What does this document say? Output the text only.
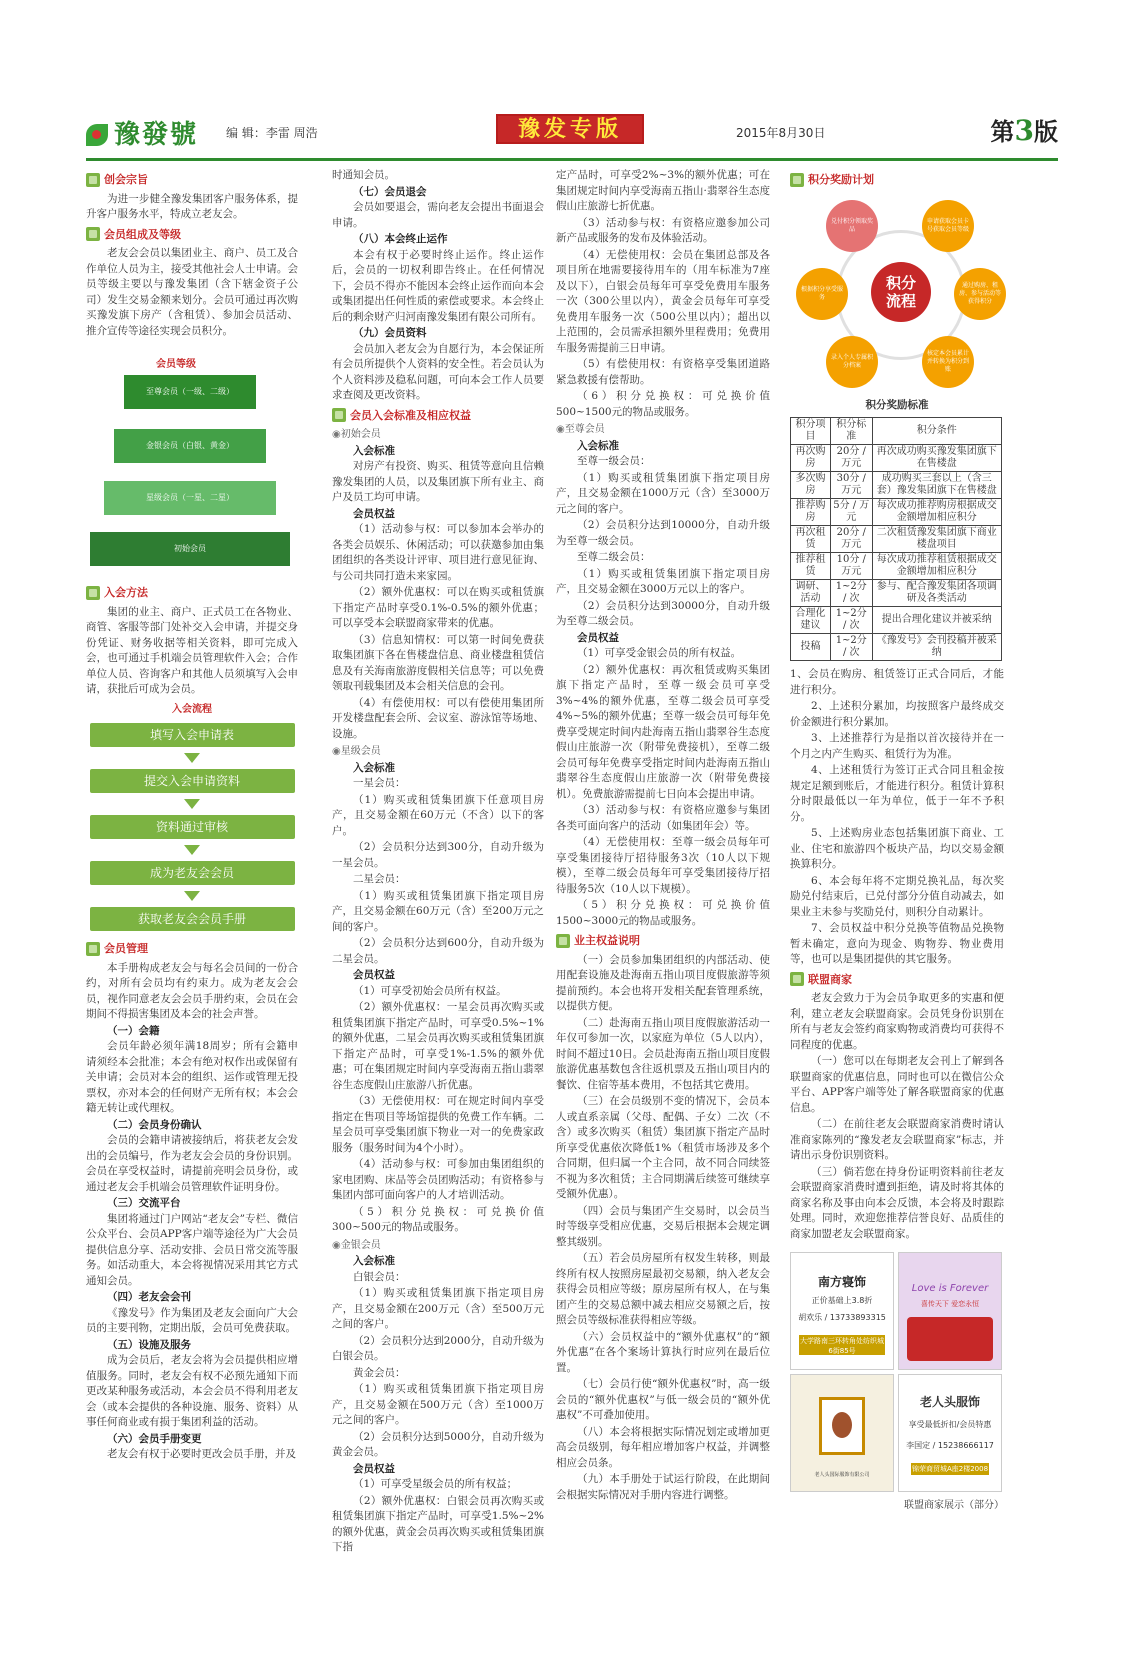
豫發號 编 辑：李雷 周浩	豫发专版	2015年8月30日	第3版
创会宗旨

为进一步健全豫发集团客户服务体系，提升客户服务水平，特成立老友会。

会员组成及等级

老友会会员以集团业主、商户、员工及合作单位人员为主，接受其他社会人士申请。会员等级主要以与豫发集团（含下辖金资子公司）发生交易金额来划分。会员可通过再次购买豫发旗下房产（含租赁）、参加会员活动、推介宣传等途径实现会员积分。

会员等级
至尊会员（一级、二级）
金银会员（白银、黄金）
星级会员（一星、二星）
初始会员
入会方法

集团的业主、商户、正式员工在各物业、商管、客服等部门处补交入会申请，并提交身份凭证、财务收据等相关资料，即可完成入会，也可通过手机端会员管理软件入会；合作单位人员、咨询客户和其他人员须填写入会申请，获批后可成为会员。

入会流程
填写入会申请表
提交入会申请资料
资料通过审核
成为老友会会员
获取老友会会员手册
会员管理

本手册构成老友会与每名会员间的一份合约，对所有会员均有约束力。成为老友会会员，视作同意老友会会员手册约束，会员在会期间不得损害集团及本会的社会声誉。

（一）会籍

会员年龄必须年满18周岁；所有会籍申请须经本会批准；本会有绝对权作出或保留有关申请；会员对本会的组织、运作或管理无投票权，亦对本会的任何财产无所有权；本会会籍无转让或代理权。

（二）会员身份确认

会员的会籍申请被接纳后，将获老友会发出的会员编号，作为老友会会员的身份识别。会员在享受权益时，请提前亮明会员身份，或通过老友会手机端会员管理软件证明身份。

（三）交流平台

集团将通过门户网站“老友会”专栏、微信公众平台、会员APP客户端等途径为广大会员提供信息分享、活动安排、会员日常交流等服务。如活动重大，本会将视情况采用其它方式通知会员。

（四）老友会会刊

《豫发号》作为集团及老友会面向广大会员的主要刊物，定期出版，会员可免费获取。

（五）设施及服务

成为会员后，老友会将为会员提供相应增值服务。同时，老友会有权不必预先通知下而更改某种服务或活动，本会会员不得利用老友会（或本会提供的各种设施、服务、资料）从事任何商业或有损于集团利益的活动。

（六）会员手册变更

老友会有权于必要时更改会员手册，并及

时通知会员。

（七）会员退会

会员如要退会，需向老友会提出书面退会申请。

（八）本会终止运作

本会有权于必要时终止运作。终止运作后，会员的一切权利即告终止。在任何情况下，会员不得亦不能因本会终止运作而向本会或集团提出任何性质的索偿或要求。本会终止后的剩余财产归河南豫发集团有限公司所有。

（九）会员资料

会员加入老友会为自愿行为，本会保证所有会员所提供个人资料的安全性。若会员认为个人资料涉及稳私问题，可向本会工作人员要求查阅及更改资料。

会员入会标准及相应权益
◉ 初始会员
入会标准

对房产有投资、购买、租赁等意向且信赖豫发集团的人员，以及集团旗下所有业主、商户及员工均可申请。

会员权益

（1）活动参与权：可以参加本会举办的各类会员娱乐、休闲活动；可以获邀参加由集团组织的各类设计评审、项目进行意见征询、与公司共同打造未来家园。

（2）额外优惠权：可以在购买或租赁旗下指定产品时享受0.1%-0.5%的额外优惠；可以享受本会联盟商家带来的优惠。

（3）信息知情权：可以第一时间免费获取集团旗下各在售楼盘信息、商业楼盘租赁信息及有关海南旅游度假相关信息等；可以免费领取刊载集团及本会相关信息的会刊。

（4）有偿使用权：可以有偿使用集团所开发楼盘配套会所、会议室、游泳馆等场地、设施。

◉ 星级会员
入会标准

一星会员：

（1）购买或租赁集团旗下任意项目房产，且交易金额在60万元（不含）以下的客户。

（2）会员积分达到300分，自动升级为一星会员。

二星会员：

（1）购买或租赁集团旗下指定项目房产，且交易金额在60万元（含）至200万元之间的客户。

（2）会员积分达到600分，自动升级为二星会员。

会员权益

（1）可享受初始会员所有权益。

（2）额外优惠权：一星会员再次购买或租赁集团旗下指定产品时，可享受0.5%~1%的额外优惠，二星会员再次购买或租赁集团旗下指定产品时，可享受1%-1.5%的额外优惠；可在集团规定时间内享受海南五指山翡翠谷生态度假山庄旅游八折优惠。

（3）无偿使用权：可在规定时间内享受指定在售项目等场馆提供的免费工作车辆。二星会员可享受集团旗下物业一对一的免费家政服务（服务时间为4个小时）。

（4）活动参与权：可参加由集团组织的家电团购、床品等会员团购活动；有资格参与集团内部可面向客户的人才培训活动。

（5）积分兑换权：可兑换价值300~500元的物品或服务。

◉ 金银会员
入会标准

白银会员：

（1）购买或租赁集团旗下指定项目房产，且交易金额在200万元（含）至500万元之间的客户。

（2）会员积分达到2000分，自动升级为白银会员。

黄金会员：

（1）购买或租赁集团旗下指定项目房产，且交易金额在500万元（含）至1000万元之间的客户。

（2）会员积分达到5000分，自动升级为黄金会员。

会员权益

（1）可享受星级会员的所有权益；

（2）额外优惠权：白银会员再次购买或租赁集团旗下指定产品时，可享受1.5%~2%的额外优惠，黄金会员再次购买或租赁集团旗下指

定产品时，可享受2%~3%的额外优惠；可在集团规定时间内享受海南五指山·翡翠谷生态度假山庄旅游七折优惠。

（3）活动参与权：有资格应邀参加公司新产品或服务的发布及体验活动。

（4）无偿使用权：会员在集团总部及各项目所在地需要接待用车的（用车标准为7座及以下），白银会员每年可享受免费用车服务一次（300公里以内），黄金会员每年可享受免费用车服务一次（500公里以内）；超出以上范围的，会员需承担额外里程费用；免费用车服务需提前三日申请。

（5）有偿使用权：有资格享受集团道路紧急救援有偿帮助。

（6）积分兑换权：可兑换价值500~1500元的物品或服务。

◉ 至尊会员
入会标准

至尊一级会员：

（1）购买或租赁集团旗下指定项目房产，且交易金额在1000万元（含）至3000万元之间的客户。

（2）会员积分达到10000分，自动升级为至尊一级会员。

至尊二级会员：

（1）购买或租赁集团旗下指定项目房产，且交易金额在3000万元以上的客户。

（2）会员积分达到30000分，自动升级为至尊二级会员。

会员权益

（1）可享受金银会员的所有权益。

（2）额外优惠权：再次租赁或购买集团旗下指定产品时，至尊一级会员可享受3%~4%的额外优惠，至尊二级会员可享受4%~5%的额外优惠；至尊一级会员可每年免费享受规定时间内赴海南五指山翡翠谷生态度假山庄旅游一次（附带免费接机），至尊二级会员可每年免费享受指定时间内赴海南五指山翡翠谷生态度假山庄旅游一次（附带免费接机）。免费旅游需提前七日向本会提出申请。

（3）活动参与权：有资格应邀参与集团各类可面向客户的活动（如集团年会）等。

（4）无偿使用权：至尊一级会员每年可享受集团接待厅招待服务3次（10人以下规模），至尊二级会员每年可享受集团接待厅招待服务5次（10人以下规模）。

（5）积分兑换权：可兑换价值1500~3000元的物品或服务。

业主权益说明

（一）会员参加集团组织的内部活动、使用配套设施及赴海南五指山项目度假旅游等须提前预约。本会也将开发相关配套管理系统，以提供方便。

（二）赴海南五指山项目度假旅游活动一年仅可参加一次，以家庭为单位（5人以内），时间不超过10日。会员赴海南五指山项目度假旅游优惠基数包含往返机票及五指山项目内的餐饮、住宿等基本费用，不包括其它费用。

（三）在会员级别不变的情况下，会员本人或直系亲属（父母、配偶、子女）二次（不含）或多次购买（租赁）集团旗下指定产品时所享受优惠依次降低1%（租赁市场涉及多个合同期，但归属一个主合同，故不同合同续签不视为多次租赁；主合同期满后续签可继续享受额外优惠）。

（四）会员与集团产生交易时，以会员当时等级享受相应优惠，交易后根据本会规定调整其级别。

（五）若会员房屋所有权发生转移，则最终所有权人按照房屋最初交易额，纳入老友会获得会员相应等级；原房屋所有权人，在与集团产生的交易总额中减去相应交易额之后，按照会员等级标准获得相应等级。

（六）会员权益中的“额外优惠权”的“额外优惠”在各个案场计算执行时应列在最后位置。

（七）会员行使“额外优惠权”时，高一级会员的“额外优惠权”与低一级会员的“额外优惠权”不可叠加使用。

（八）本会将根据实际情况划定或增加更高会员级别，每年相应增加客户权益，并调整相应会员条。

（九）本手册处于试运行阶段，在此期间会根据实际情况对手册内容进行调整。

积分奖励计划
积分
流程
兑付积分领取奖品
申请获取会员卡号获取会员等级
通过购房、租房、参与活动等获得积分
核定本会员累计并转换为积分到账
录入个人专属积分档案
根据积分享受服务
积分奖励标准
积分项目	积分标准	积分条件
再次购房	20分 / 万元	再次成功购买豫发集团旗下在售楼盘
多次购房	30分 / 万元	成功购买三套以上（含三套）豫发集团旗下在售楼盘
推荐购房	5分 / 万元	每次成功推荐购房根据成交金额增加相应积分
再次租赁	20分 / 万元	二次租赁豫发集团旗下商业楼盘项目
推荐租赁	10分 / 万元	每次成功推荐租赁根据成交金额增加相应积分
调研、活动	1~2分 / 次	参与、配合豫发集团各项调研及各类活动
合理化建议	1~2分 / 次	提出合理化建议并被采纳
投稿	1~2分 / 次	《豫发号》会刊投稿并被采纳

1、会员在购房、租赁签订正式合同后，才能进行积分。

2、上述积分累加，均按照客户最终成交价金额进行积分累加。

3、上述推荐行为是指以首次接待并在一个月之内产生购买、租赁行为为准。

4、上述租赁行为签订正式合同且租金按规定足额到账后，才能进行积分。租赁计算积分时限最低以一年为单位，低于一年不予积分。

5、上述购房业态包括集团旗下商业、工业、住宅和旅游四个板块产品，均以交易金额换算积分。

6、本会每年将不定期兑换礼品，每次奖励兑付结束后，已兑付部分分值自动减去，如果业主未参与奖励兑付，则积分自动累计。

7、会员权益中积分兑换等值物品兑换物暂未确定，意向为现金、购物券、物业费用等，也可以是集团提供的其它服务。

联盟商家

老友会致力于为会员争取更多的实惠和便利，建立老友会联盟商家。会员凭身份识别在所有与老友会签约商家购物或消费均可获得不同程度的优惠。

（一）您可以在每期老友会刊上了解到各联盟商家的优惠信息，同时也可以在微信公众平台、APP客户端等处了解各联盟商家的优惠信息。

（二）在前往老友会联盟商家消费时请认准商家陈列的“豫发老友会联盟商家”标志，并请出示身份识别资料。

（三）倘若您在持身份证明资料前往老友会联盟商家消费时遭到拒绝，请及时将其体的商家名称及事由向本会反馈，本会将及时跟踪处理。同时，欢迎您推荐信誉良好、品质佳的商家加盟老友会联盟商家。

南方寝饰
正价基础上3.8折
胡欢乐 / 13733893315
大学路南三环转角处纺织城6街85号
Love is Forever
喜传天下 爱恋永恒
老人头国际服饰有限公司
老人头服饰
享受最低折扣/会员特惠
李国定 / 15238666117
锦荣商贸城A座2楼2008
联盟商家展示（部分）
